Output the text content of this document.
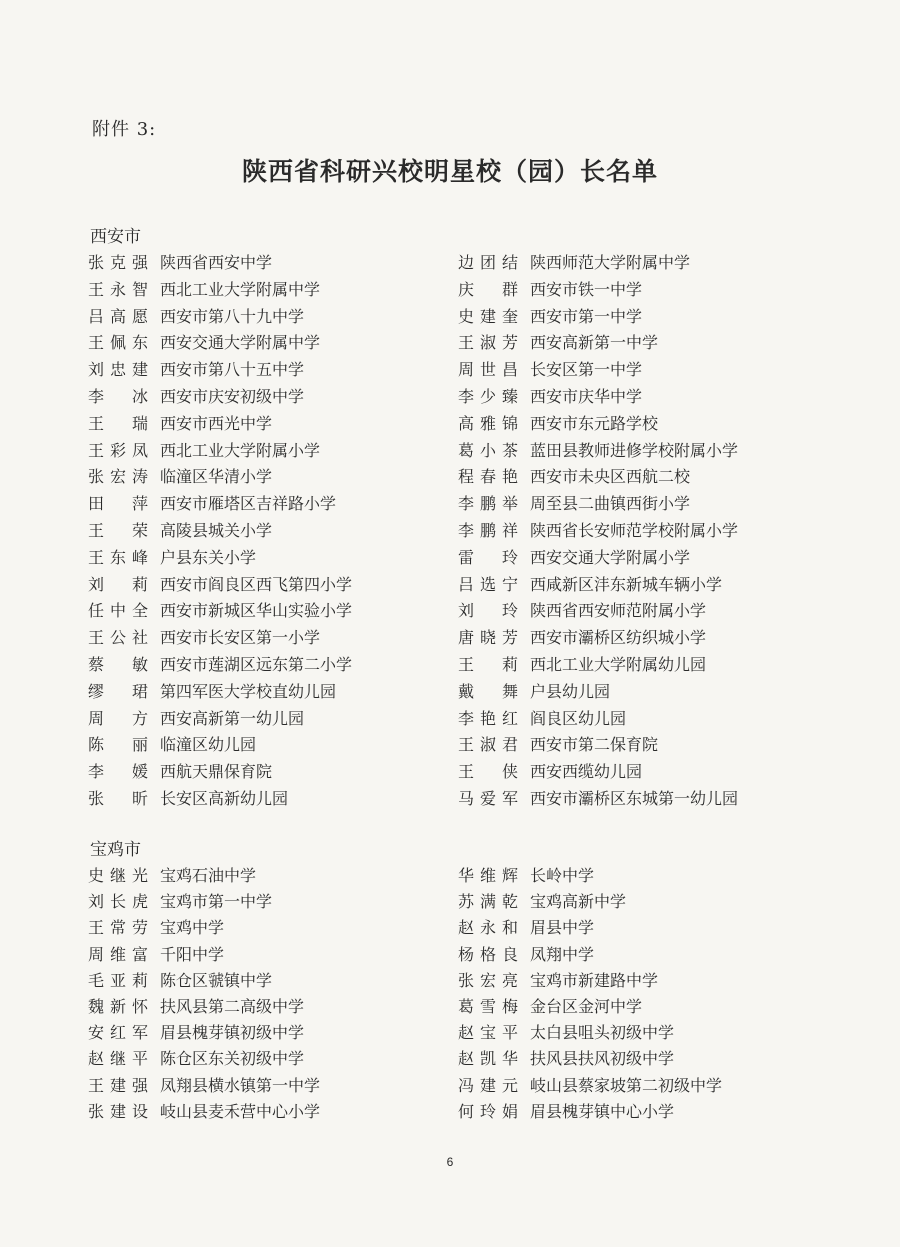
附件 3:
陕西省科研兴校明星校（园）长名单
西安市
张克强 陕西省西安中学
王永智 西北工业大学附属中学
吕高愿 西安市第八十九中学
王佩东 西安交通大学附属中学
刘忠建 西安市第八十五中学
李冰 西安市庆安初级中学
王瑞 西安市西光中学
王彩凤 西北工业大学附属小学
张宏涛 临潼区华清小学
田萍 西安市雁塔区吉祥路小学
王荣 高陵县城关小学
王东峰 户县东关小学
刘莉 西安市阎良区西飞第四小学
任中全 西安市新城区华山实验小学
王公社 西安市长安区第一小学
蔡敏 西安市莲湖区远东第二小学
缪珺 第四军医大学校直幼儿园
周方 西安高新第一幼儿园
陈丽 临潼区幼儿园
李媛 西航天鼎保育院
张昕 长安区高新幼儿园
边团结 陕西师范大学附属中学
庆群 西安市铁一中学
史建奎 西安市第一中学
王淑芳 西安高新第一中学
周世昌 长安区第一中学
李少臻 西安市庆华中学
高雅锦 西安市东元路学校
葛小茶 蓝田县教师进修学校附属小学
程春艳 西安市未央区西航二校
李鹏举 周至县二曲镇西街小学
李鹏祥 陕西省长安师范学校附属小学
雷玲 西安交通大学附属小学
吕选宁 西咸新区沣东新城车辆小学
刘玲 陕西省西安师范附属小学
唐晓芳 西安市灞桥区纺织城小学
王莉 西北工业大学附属幼儿园
戴舞 户县幼儿园
李艳红 阎良区幼儿园
王淑君 西安市第二保育院
王侠 西安西缆幼儿园
马爱军 西安市灞桥区东城第一幼儿园
宝鸡市
史继光 宝鸡石油中学
刘长虎 宝鸡市第一中学
王常劳 宝鸡中学
周维富 千阳中学
毛亚莉 陈仓区虢镇中学
魏新怀 扶风县第二高级中学
安红军 眉县槐芽镇初级中学
赵继平 陈仓区东关初级中学
王建强 凤翔县横水镇第一中学
张建设 岐山县麦禾营中心小学
华维辉 长岭中学
苏满乾 宝鸡高新中学
赵永和 眉县中学
杨格良 凤翔中学
张宏亮 宝鸡市新建路中学
葛雪梅 金台区金河中学
赵宝平 太白县咀头初级中学
赵凯华 扶风县扶风初级中学
冯建元 岐山县蔡家坡第二初级中学
何玲娟 眉县槐芽镇中心小学
6
